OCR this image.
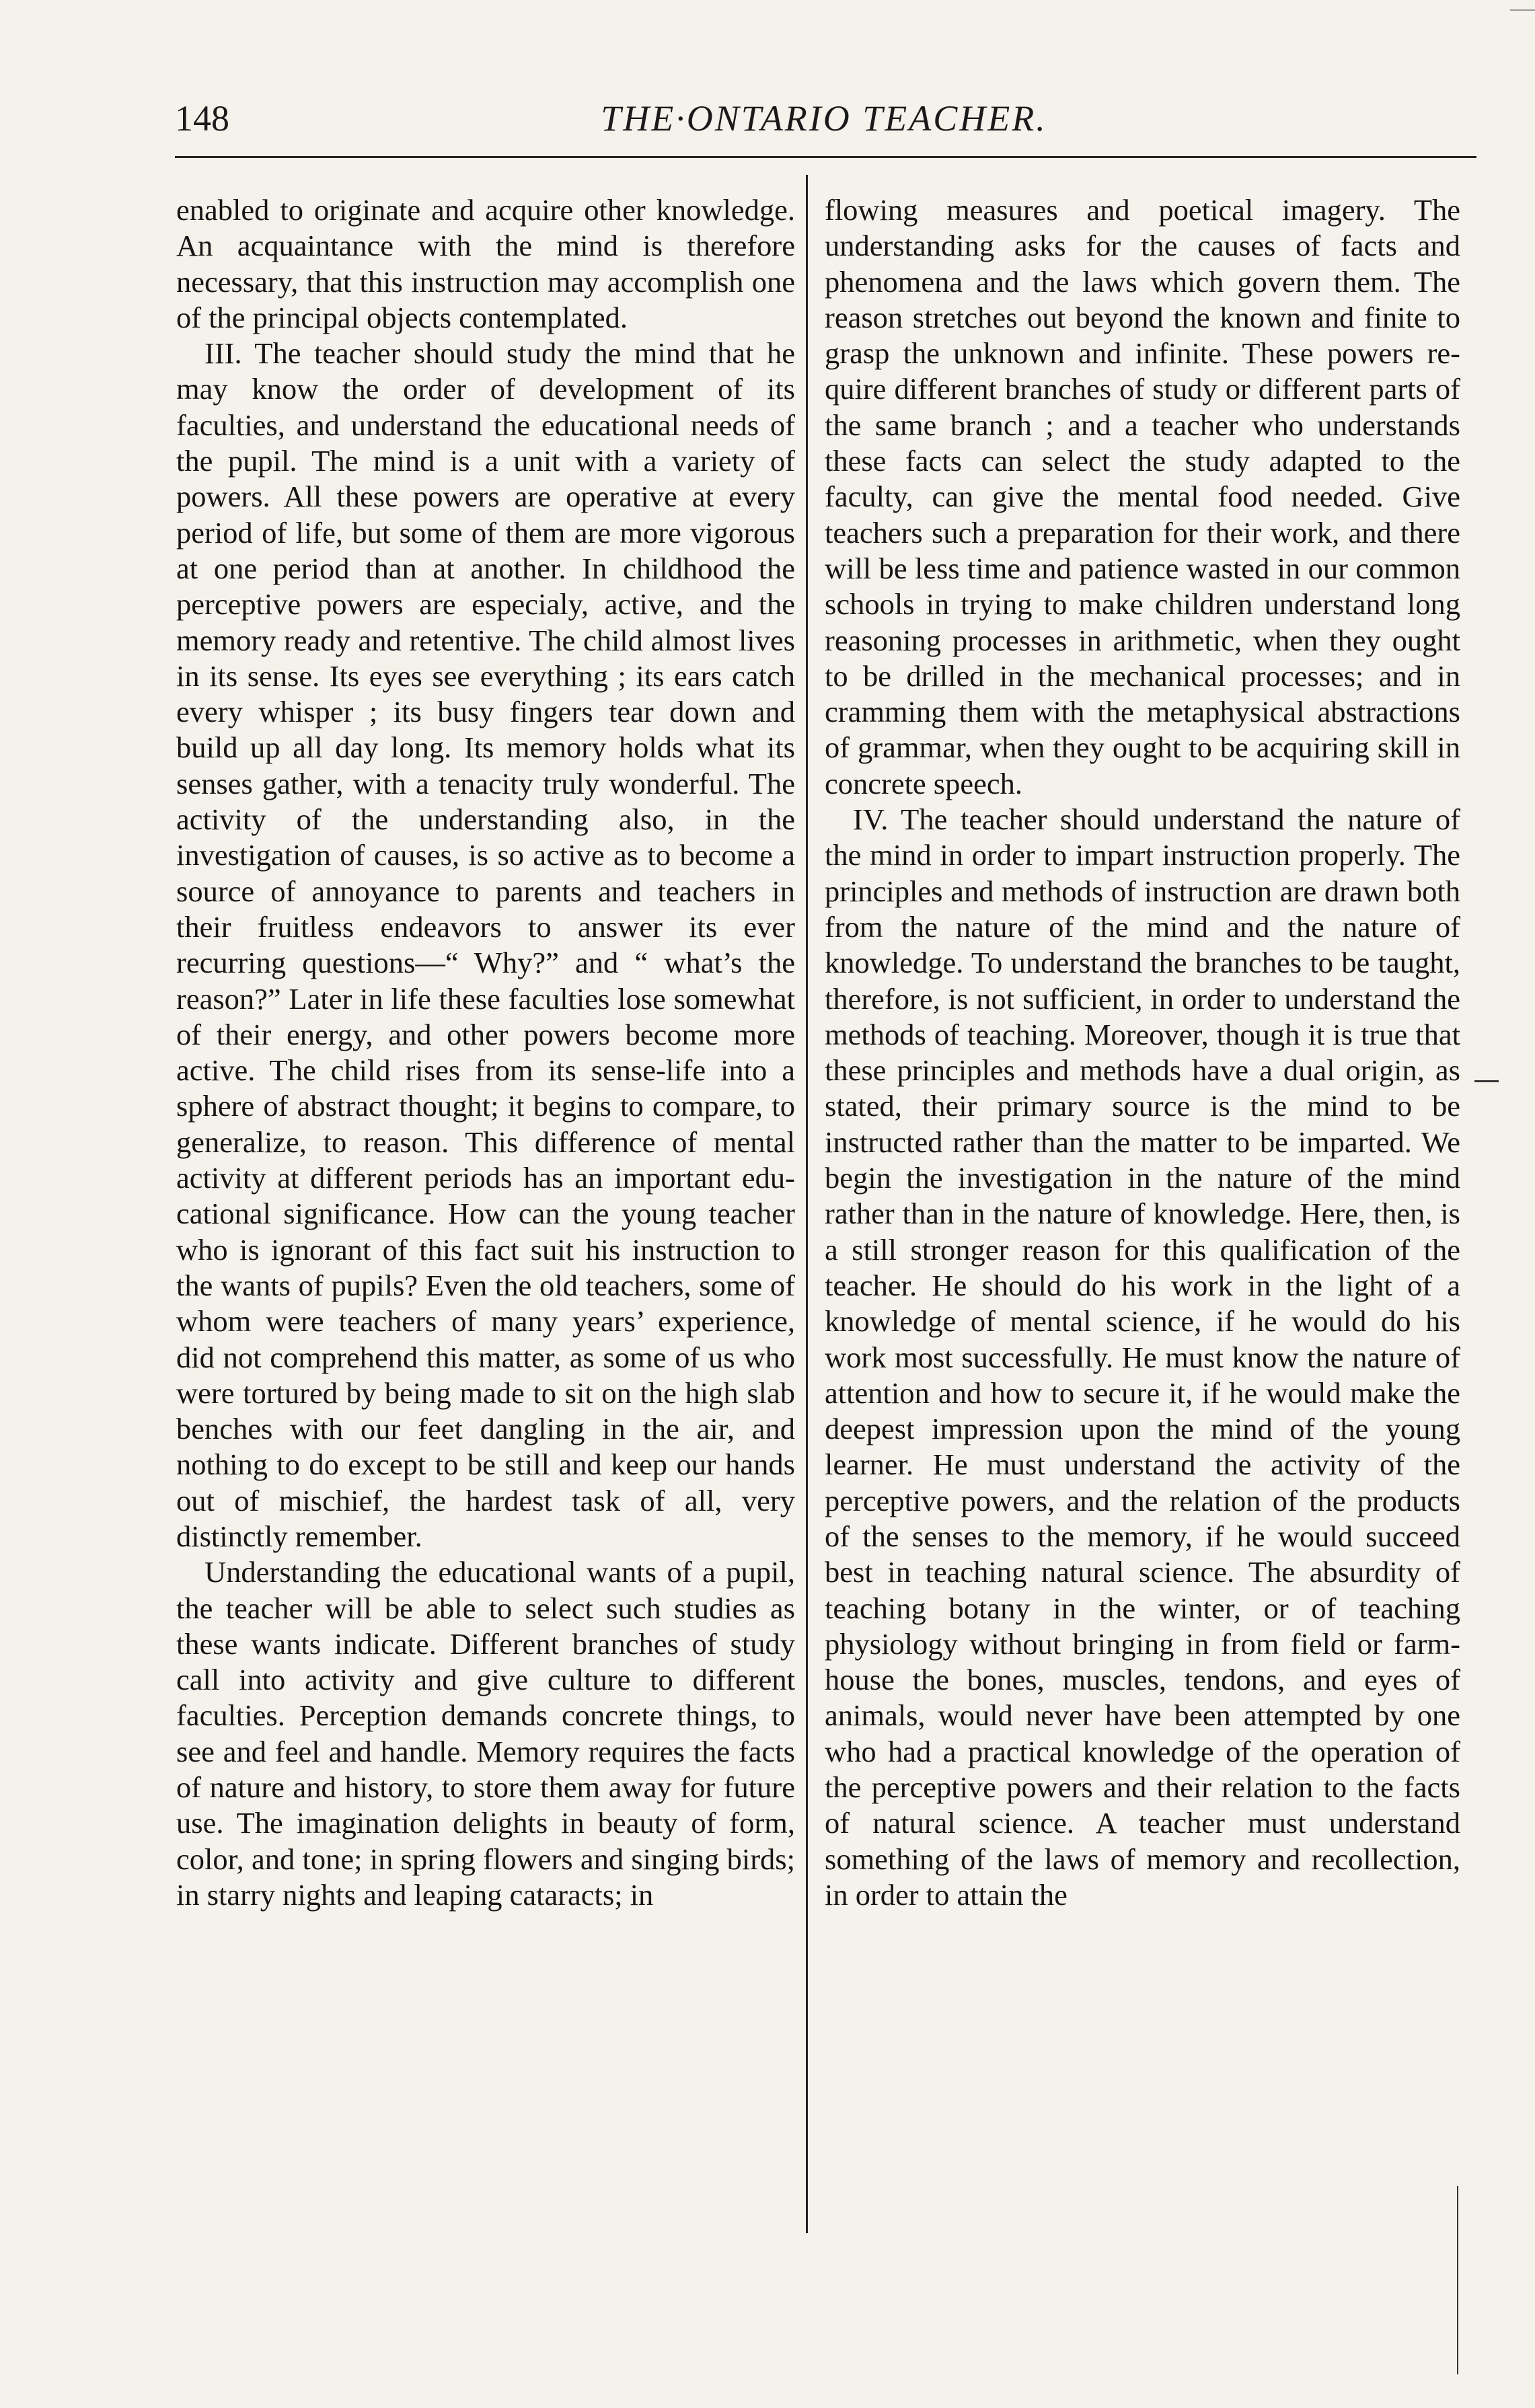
148	THE·ONTARIO TEACHER.

enabled to originate and acquire other knowledge. An acquaintance with the mind is therefore necessary, that this instruction may accomplish one of the principal objects contemplated.

III. The teacher should study the mind that he may know the order of development of its faculties, and understand the educational needs of the pupil. The mind is a unit with a variety of powers. All these powers are operative at every period of life, but some of them are more vigorous at one period than at another. In childhood the perceptive powers are especialy, active, and the memory ready and retentive. The child almost lives in its sense. Its eyes see everything ; its ears catch every whisper ; its busy fingers tear down and build up all day long. Its memory holds what its senses gather, with a tenacity truly wonderful. The activity of the understanding also, in the investigation of causes, is so active as to become a source of annoyance to parents and teachers in their fruitless endeavors to answer its ever recurring questions—“ Why?” and “ what’s the reason?” Later in life these faculties lose somewhat of their energy, and other powers become more active. The child rises from its sense-life into a sphere of abstract thought; it begins to compare, to generalize, to reason. This difference of mental activity at different periods has an important educational significance. How can the young teacher who is ignorant of this fact suit his instruction to the wants of pupils? Even the old teachers, some of whom were teachers of many years’ experience, did not comprehend this matter, as some of us who were tortured by being made to sit on the high slab benches with our feet dangling in the air, and nothing to do except to be still and keep our hands out of mischief, the hardest task of all, very distinctly remember.

Understanding the educational wants of a pupil, the teacher will be able to select such studies as these wants indicate. Different branches of study call into activity and give culture to different faculties. Perception demands concrete things, to see and feel and handle. Memory requires the facts of nature and history, to store them away for future use. The imagination delights in beauty of form, color, and tone; in spring flowers and singing birds; in starry nights and leaping cataracts; in

flowing measures and poetical imagery. The understanding asks for the causes of facts and phenomena and the laws which govern them. The reason stretches out beyond the known and finite to grasp the unknown and infinite. These powers require different branches of study or different parts of the same branch ; and a teacher who understands these facts can select the study adapted to the faculty, can give the mental food needed. Give teachers such a preparation for their work, and there will be less time and patience wasted in our common schools in trying to make children understand long reasoning processes in arithmetic, when they ought to be drilled in the mechanical processes; and in cramming them with the metaphysical abstractions of grammar, when they ought to be acquiring skill in concrete speech.

IV. The teacher should understand the nature of the mind in order to impart instruction properly. The principles and methods of instruction are drawn both from the nature of the mind and the nature of knowledge. To understand the branches to be taught, therefore, is not sufficient, in order to understand the methods of teaching. Moreover, though it is true that these principles and methods have a dual origin, as stated, their primary source is the mind to be instructed rather than the matter to be imparted. We begin the investigation in the nature of the mind rather than in the nature of knowledge. Here, then, is a still stronger reason for this qualification of the teacher. He should do his work in the light of a knowledge of mental science, if he would do his work most successfully. He must know the nature of attention and how to secure it, if he would make the deepest impression upon the mind of the young learner. He must understand the activity of the perceptive powers, and the relation of the products of the senses to the memory, if he would succeed best in teaching natural science. The absurdity of teaching botany in the winter, or of teaching physiology without bringing in from field or farm-house the bones, muscles, tendons, and eyes of animals, would never have been attempted by one who had a practical knowledge of the operation of the perceptive powers and their relation to the facts of natural science. A teacher must understand something of the laws of memory and recollection, in order to attain the
